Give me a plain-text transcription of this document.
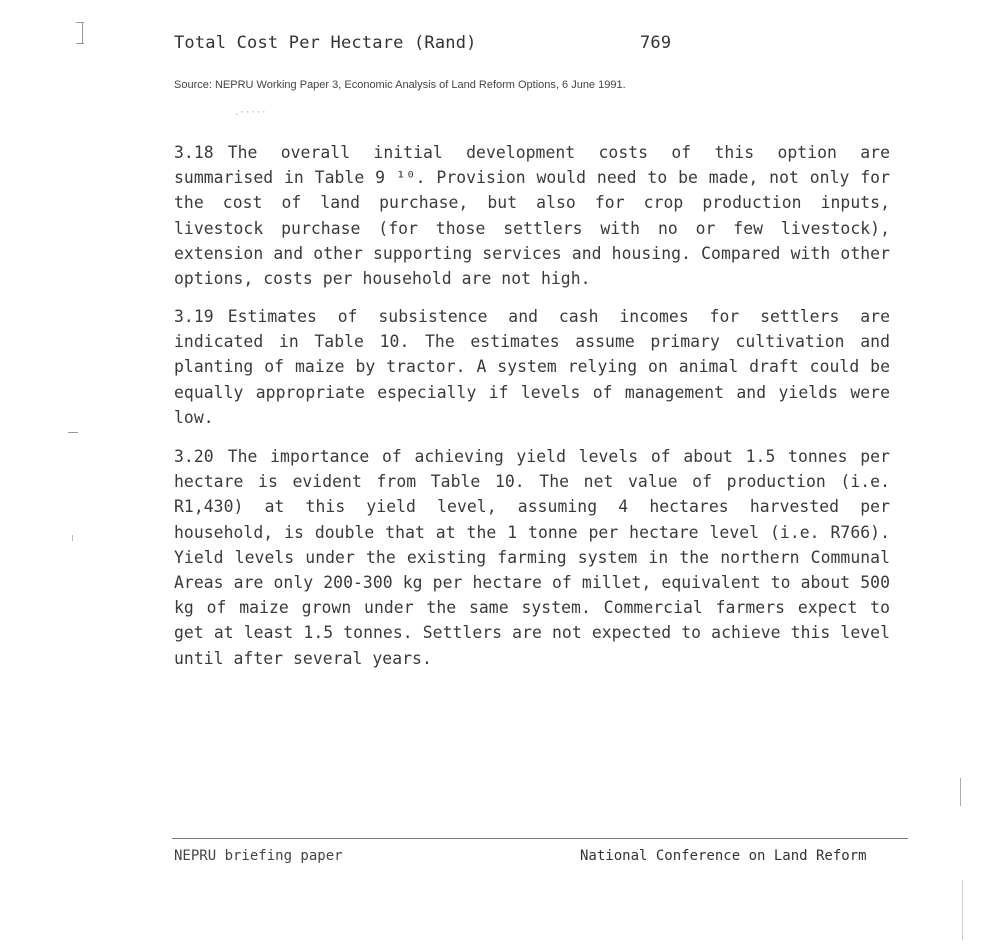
.·····
Total Cost Per Hectare (Rand)	769
Source: NEPRU Working Paper 3, Economic Analysis of Land Reform Options, 6 June 1991.
3.18 The overall initial development costs of this option are summarised in Table 9 ¹⁰. Provision would need to be made, not only for the cost of land purchase, but also for crop production inputs, livestock purchase (for those settlers with no or few livestock), extension and other supporting services and housing. Compared with other options, costs per household are not high.
3.19 Estimates of subsistence and cash incomes for settlers are indicated in Table 10. The estimates assume primary cultivation and planting of maize by tractor. A system relying on animal draft could be equally appropriate especially if levels of management and yields were low.
3.20 The importance of achieving yield levels of about 1.5 tonnes per hectare is evident from Table 10. The net value of production (i.e. R1,430) at this yield level, assuming 4 hectares harvested per household, is double that at the 1 tonne per hectare level (i.e. R766). Yield levels under the existing farming system in the northern Communal Areas are only 200-300 kg per hectare of millet, equivalent to about 500 kg of maize grown under the same system. Commercial farmers expect to get at least 1.5 tonnes. Settlers are not expected to achieve this level until after several years.
NEPRU briefing paper	National Conference on Land Reform
